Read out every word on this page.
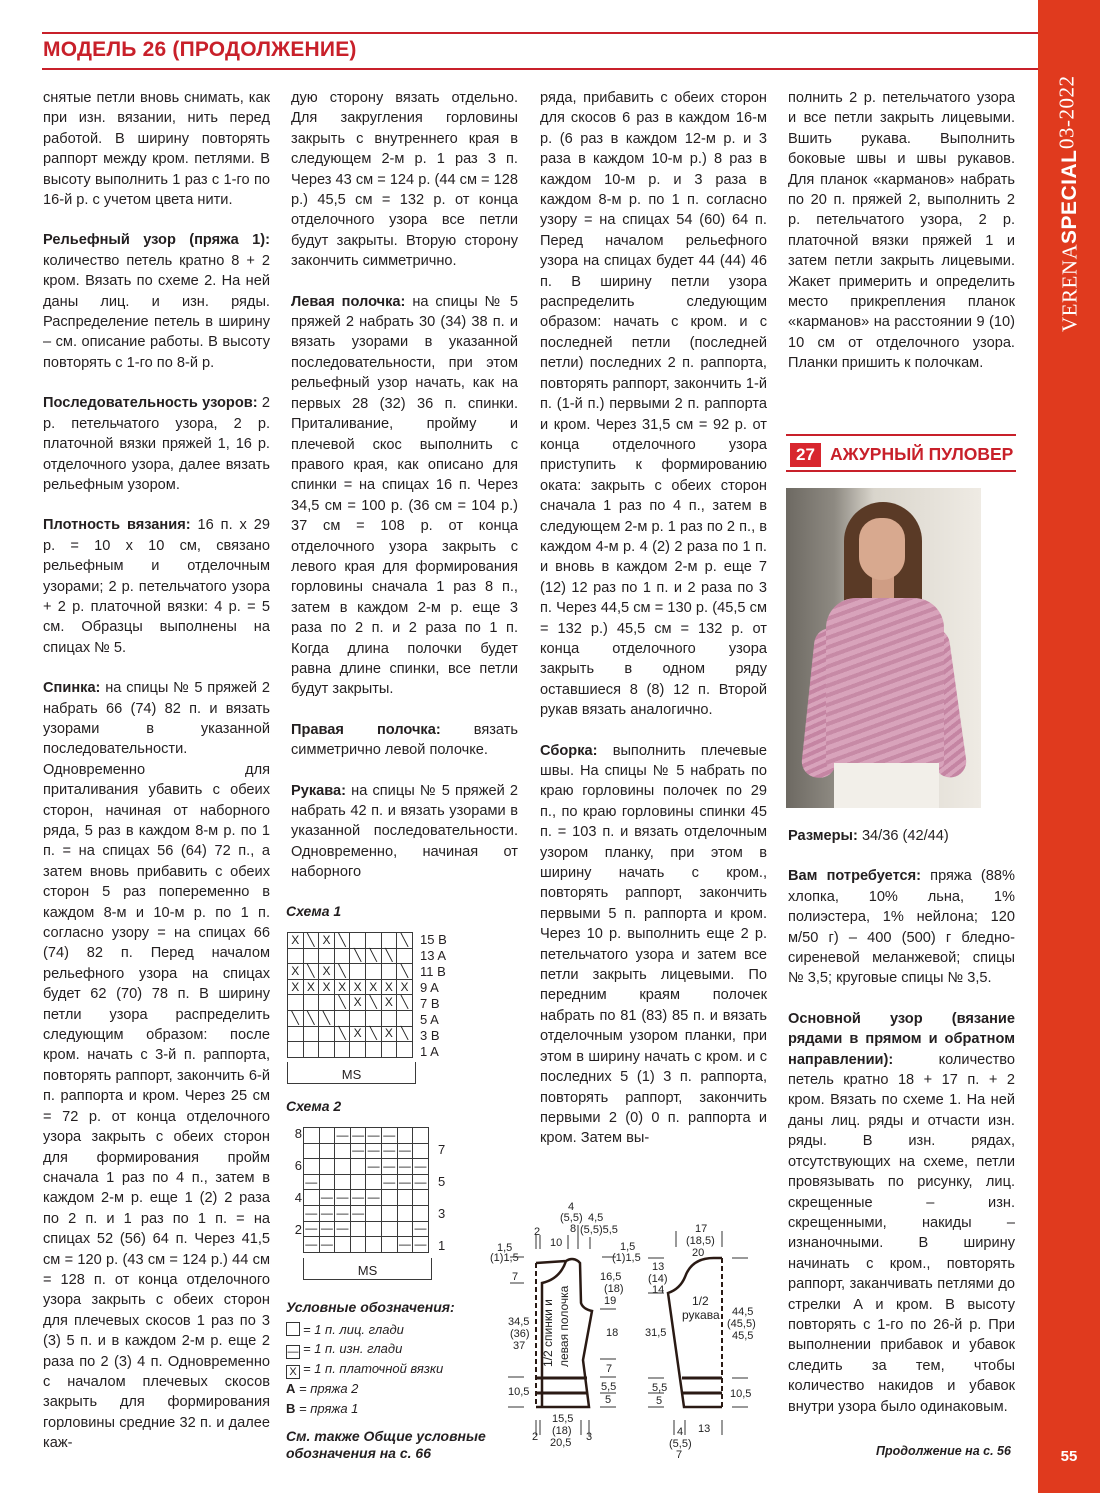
VERENA
SPECIAL
03-2022
55
МОДЕЛЬ 26 (ПРОДОЛЖЕНИЕ)

снятые петли вновь снимать, как при изн. вязании, нить перед работой. В ширину повторять раппорт между кром. петлями. В высоту выполнить 1 раз с 1-го по 16-й р. с учетом цвета нити.

Рельефный узор (пряжа 1): количество петель кратно 8 + 2 кром. Вязать по схеме 2. На ней даны лиц. и изн. ряды. Распределение петель в ширину – см. описание работы. В высоту повторять с 1-го по 8-й р.

Последовательность узоров: 2 р. петельчатого узора, 2 р. платочной вязки пряжей 1, 16 р. отделочного узора, далее вязать рельефным узором.

Плотность вязания: 16 п. х 29 р. = 10 х 10 см, связано рельефным и отделочным узорами; 2 р. петельчатого узора + 2 р. платочной вязки: 4 р. = 5 см. Образцы выполнены на спицах № 5.

Спинка: на спицы № 5 пряжей 2 набрать 66 (74) 82 п. и вязать узорами в указанной последовательности. Одновременно для приталивания убавить с обеих сторон, начиная от наборного ряда, 5 раз в каждом 8-м р. по 1 п. = на спицах 56 (64) 72 п., а затем вновь прибавить с обеих сторон 5 раз попеременно в каждом 8-м и 10-м р. по 1 п. согласно узору = на спицах 66 (74) 82 п. Перед началом рельефного узора на спицах будет 62 (70) 78 п. В ширину петли узора распределить следующим образом: после кром. начать с 3-й п. раппорта, повторять раппорт, закончить 6-й п. раппорта и кром. Через 25 см = 72 р. от конца отделочного узора закрыть с обеих сторон для формирования пройм сначала 1 раз по 4 п., затем в каждом 2-м р. еще 1 (2) 2 раза по 2 п. и 1 раз по 1 п. = на спицах 52 (56) 64 п. Через 41,5 см = 120 р. (43 см = 124 р.) 44 см = 128 п. от конца отделочного узора закрыть с обеих сторон для плечевых скосов 1 раз по 3 (3) 5 п. и в каждом 2-м р. еще 2 раза по 2 (3) 4 п. Одновременно с началом плечевых скосов закрыть для формирования горловины средние 32 п. и далее каж-

дую сторону вязать отдельно. Для закругления горловины закрыть с внутреннего края в следующем 2-м р. 1 раз 3 п. Через 43 см = 124 р. (44 см = 128 р.) 45,5 см = 132 р. от конца отделочного узора все петли будут закрыты. Вторую сторону закончить симметрично.

Левая полочка: на спицы № 5 пряжей 2 набрать 30 (34) 38 п. и вязать узорами в указанной последовательности, при этом рельефный узор начать, как на первых 28 (32) 36 п. спинки. Приталивание, пройму и плечевой скос выполнить с правого края, как описано для спинки = на спицах 16 п. Через 34,5 см = 100 р. (36 см = 104 р.) 37 см = 108 р. от конца отделочного узора закрыть с левого края для формирования горловины сначала 1 раз 8 п., затем в каждом 2-м р. еще 3 раза по 2 п. и 2 раза по 1 п. Когда длина полочки будет равна длине спинки, все петли будут закрыты.

Правая полочка: вязать симметрично левой полочке.

Рукава: на спицы № 5 пряжей 2 набрать 42 п. и вязать узорами в указанной последовательности. Одновременно, начиная от наборного

Схема 1
X	╲	X	╲				╲
				╲	╲	╲	
X	╲	X	╲				╲
X	X	X	X	X	X	X	X
			╲	X	╲	X	╲
╲	╲	╲					
			╲	X	╲	X	╲

15 B
13 A
11 B
9 A
7 B
5 A
3 B
1 A
MS
Схема 2
8

6

4

2

		—	—	—	—		
			—	—	—	—	
				—	—	—	—
—					—	—	—
	—	—	—	—			
—	—	—	—				
—	—	—					—
—	—					—	—

7

5

3

1
MS
Условные обозначения:
= 1 п. лиц. глади
— = 1 п. изн. глади
X = 1 п. платочной вязки
A = пряжа 2
B = пряжа 1
См. также Общие условные обозначения на с. 66

ряда, прибавить с обеих сторон для скосов 6 раз в каждом 16-м р. (6 раз в каждом 12-м р. и 3 раза в каждом 10-м р.) 8 раз в каждом 10-м р. и 3 раза в каждом 8-м р. по 1 п. согласно узору = на спицах 54 (60) 64 п. Перед началом рельефного узора на спицах будет 44 (44) 46 п. В ширину петли узора распределить следующим образом: начать с кром. и с последней петли (последней петли) последних 2 п. раппорта, повторять раппорт, закончить 1-й п. (1-й п.) первыми 2 п. раппорта и кром. Через 31,5 см = 92 р. от конца отделочного узора приступить к формированию оката: закрыть с обеих сторон сначала 1 раз по 4 п., затем в следующем 2-м р. 1 раз по 2 п., в каждом 4-м р. 4 (2) 2 раза по 1 п. и вновь в каждом 2-м р. еще 7 (12) 12 раз по 1 п. и 2 раза по 3 п. Через 44,5 см = 130 р. (45,5 см = 132 р.) 45,5 см = 132 р. от конца отделочного узора закрыть в одном ряду оставшиеся 8 (8) 12 п. Второй рукав вязать аналогично.

Сборка: выполнить плечевые швы. На спицы № 5 набрать по краю горловины полочек по 29 п., по краю горловины спинки 45 п. = 103 п. и вязать отделочным узором планку, при этом в ширину начать с кром., повторять раппорт, закончить первыми 5 п. раппорта и кром. Через 10 р. выполнить еще 2 р. петельчатого узора и затем все петли закрыть лицевыми. По передним краям полочек набрать по 81 (83) 85 п. и вязать отделочным узором планки, при этом в ширину начать с кром. и с последних 5 (1) 3 п. раппорта, повторять раппорт, закончить первыми 2 (0) 0 п. раппорта и кром. Затем вы-

1/2 спинки и левая полочка
4
(5,5)
8
4,5
(5,5)5,5
2
10
1,5
(1)1,5
1,5
(1)1,5
7	16,5
(18)
19
34,5
(36)
37
18
7
10,5	5,5
5
15,5
(18)
20,5
2	3
1/2
рукава
17
(18,5)
20
13
(14)
14
31,5
44,5
(45,5)
45,5
5,5
5
10,5
4
(5,5)
7
13

полнить 2 р. петельчатого узора и все петли закрыть лицевыми. Вшить рукава. Выполнить боковые швы и швы рукавов. Для планок «карманов» набрать по 20 п. пряжей 2, выполнить 2 р. петельчатого узора, 2 р. платочной вязки пряжей 1 и затем петли закрыть лицевыми. Жакет примерить и определить место прикрепления планок «карманов» на расстоянии 9 (10) 10 см от отделочного узора. Планки пришить к полочкам.

27 АЖУРНЫЙ ПУЛОВЕР

Размеры: 34/36 (42/44)

Вам потребуется: пряжа (88% хлопка, 10% льна, 1% полиэстера, 1% нейлона; 120 м/50 г) – 400 (500) г бледно-сиреневой меланжевой; спицы № 3,5; круговые спицы № 3,5.

Основной узор (вязание рядами в прямом и обратном направлении): количество петель кратно 18 + 17 п. + 2 кром. Вязать по схеме 1. На ней даны лиц. ряды и отчасти изн. ряды. В изн. рядах, отсутствующих на схеме, петли провязывать по рисунку, лиц. скрещенные – изн. скрещенными, накиды – изнаночными. В ширину начинать с кром., повторять раппорт, заканчивать петлями до стрелки А и кром. В высоту повторять с 1-го по 26-й р. При выполнении прибавок и убавок следить за тем, чтобы количество накидов и убавок внутри узора было одинаковым.

Продолжение на с. 56
